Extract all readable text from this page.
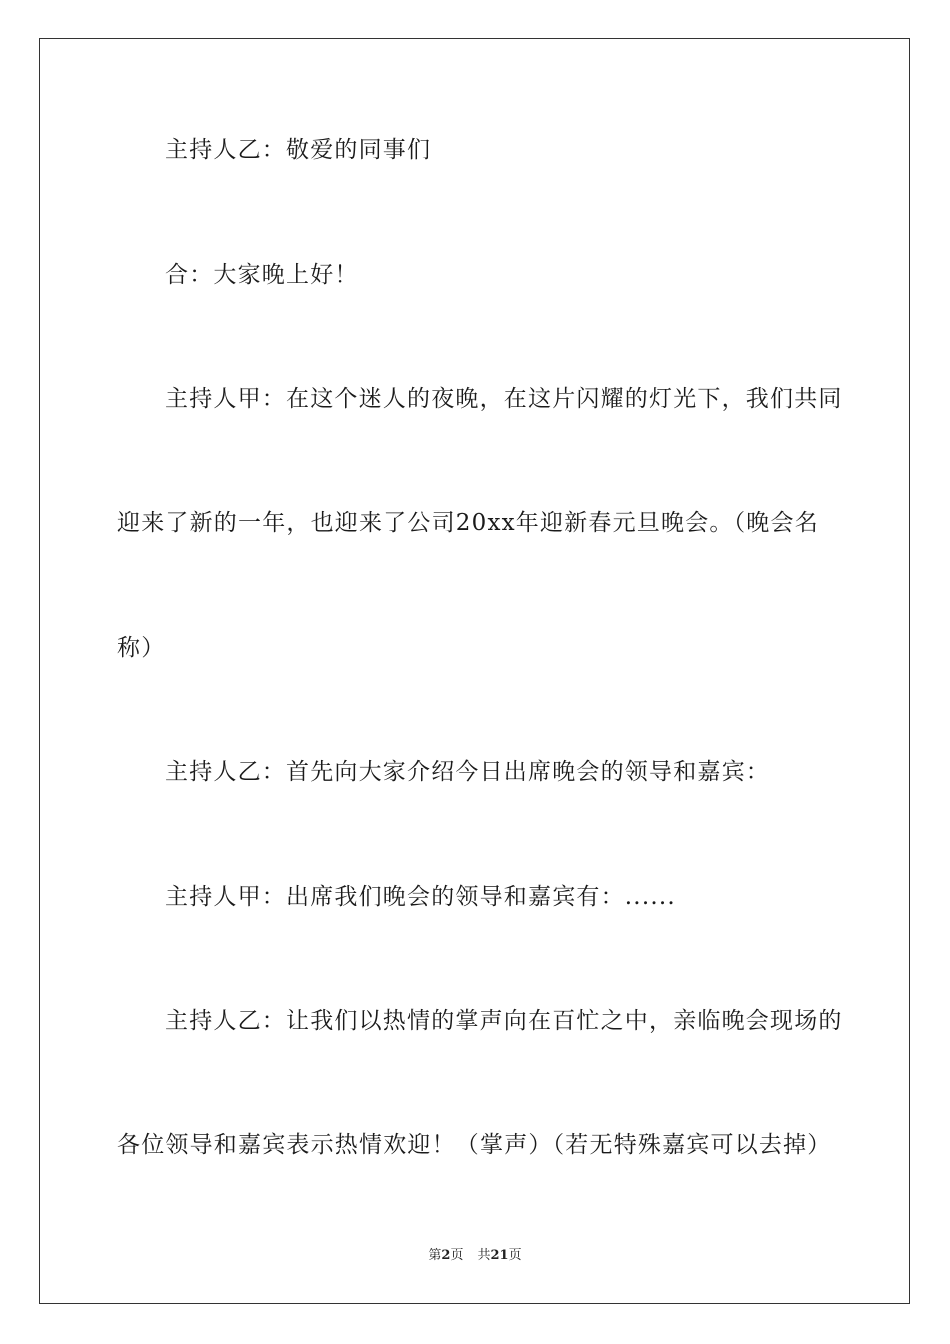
主持人乙：敬爱的同事们
合：大家晚上好！
主持人甲：在这个迷人的夜晚，在这片闪耀的灯光下，我们共同
迎来了新的一年，也迎来了公司20xx年迎新春元旦晚会。（晚会名
称）
主持人乙：首先向大家介绍今日出席晚会的领导和嘉宾：
主持人甲：出席我们晚会的领导和嘉宾有：......
主持人乙：让我们以热情的掌声向在百忙之中，亲临晚会现场的
各位领导和嘉宾表示热情欢迎！（掌声）（若无特殊嘉宾可以去掉）
第2页 共21页
